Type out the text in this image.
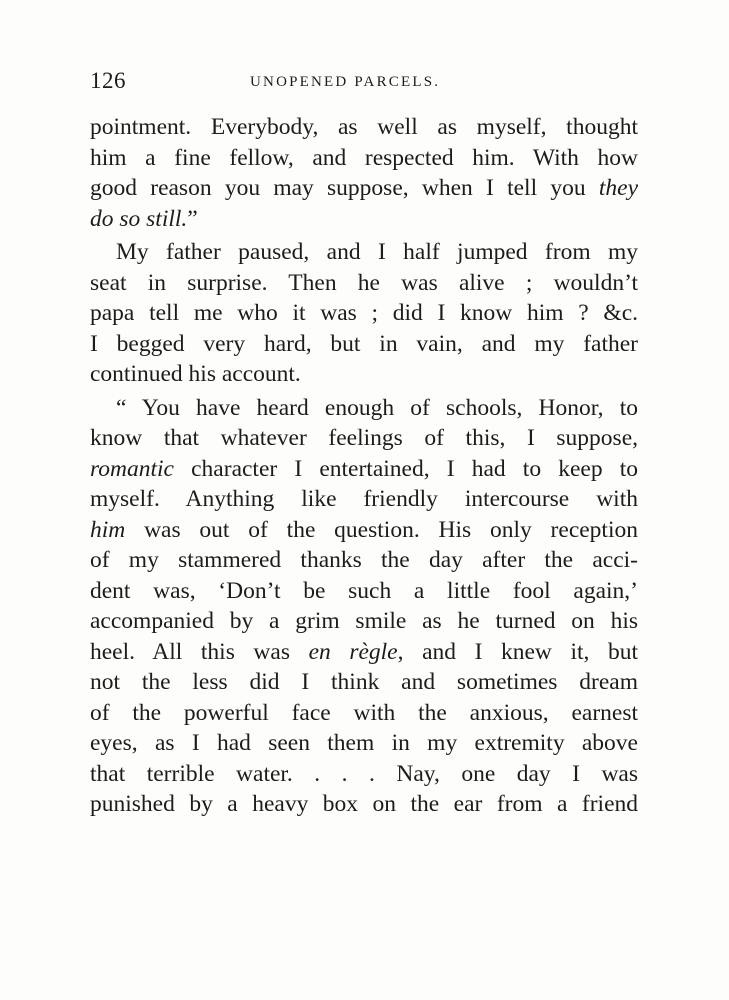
126	UNOPENED PARCELS.
pointment. Everybody, as well as myself, thought
him a fine fellow, and respected him. With how
good reason you may suppose, when I tell you they
do so still.”
My father paused, and I half jumped from my
seat in surprise. Then he was alive ; wouldn’t
papa tell me who it was ; did I know him ? &c.
I begged very hard, but in vain, and my father
continued his account.
“ You have heard enough of schools, Honor, to
know that whatever feelings of this, I suppose,
romantic character I entertained, I had to keep to
myself. Anything like friendly intercourse with
him was out of the question. His only reception
of my stammered thanks the day after the acci-
dent was, ‘Don’t be such a little fool again,’
accompanied by a grim smile as he turned on his
heel. All this was en règle, and I knew it, but
not the less did I think and sometimes dream
of the powerful face with the anxious, earnest
eyes, as I had seen them in my extremity above
that terrible water. . . . Nay, one day I was
punished by a heavy box on the ear from a friend
